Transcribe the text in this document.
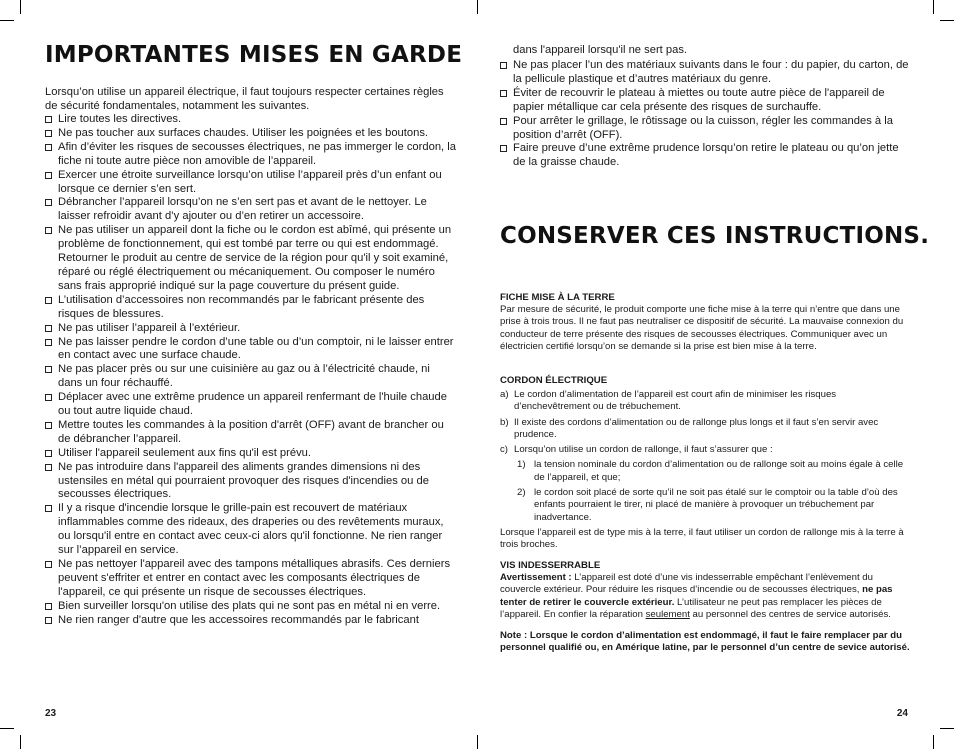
IMPORTANTES MISES EN GARDE

Lorsqu’on utilise un appareil électrique, il faut toujours respecter certaines règles de sécurité fondamentales, notamment les suivantes.

Lire toutes les directives.
Ne pas toucher aux surfaces chaudes. Utiliser les poignées et les boutons.
Afin d’éviter les risques de secousses électriques, ne pas immerger le cordon, la fiche ni toute autre pièce non amovible de l’appareil.
Exercer une étroite surveillance lorsqu’on utilise l’appareil près d’un enfant ou lorsque ce dernier s’en sert.
Débrancher l’appareil lorsqu’on ne s’en sert pas et avant de le nettoyer. Le laisser refroidir avant d’y ajouter ou d’en retirer un accessoire.
Ne pas utiliser un appareil dont la fiche ou le cordon est abîmé, qui présente un problème de fonctionnement, qui est tombé par terre ou qui est endommagé. Retourner le produit au centre de service de la région pour qu'il y soit examiné, réparé ou réglé électriquement ou mécaniquement. Ou composer le numéro sans frais approprié indiqué sur la page couverture du présent guide.
L’utilisation d’accessoires non recommandés par le fabricant présente des risques de blessures.
Ne pas utiliser l’appareil à l’extérieur.
Ne pas laisser pendre le cordon d’une table ou d’un comptoir, ni le laisser entrer en contact avec une surface chaude.
Ne pas placer près ou sur une cuisinière au gaz ou à l’électricité chaude, ni dans un four réchauffé.
Déplacer avec une extrême prudence un appareil renfermant de l'huile chaude ou tout autre liquide chaud.
Mettre toutes les commandes à la position d'arrêt (OFF) avant de brancher ou de débrancher l’appareil.
Utiliser l'appareil seulement aux fins qu'il est prévu.
Ne pas introduire dans l'appareil des aliments grandes dimensions ni des ustensiles en métal qui pourraient provoquer des risques d'incendies ou de secousses électriques.
Il y a risque d'incendie lorsque le grille-pain est recouvert de matériaux inflammables comme des rideaux, des draperies ou des revêtements muraux, ou lorsqu'il entre en contact avec ceux-ci alors qu'il fonctionne. Ne rien ranger sur l’appareil en service.
Ne pas nettoyer l'appareil avec des tampons métalliques abrasifs. Ces derniers peuvent s'effriter et entrer en contact avec les composants électriques de l'appareil, ce qui présente un risque de secousses électriques.
Bien surveiller lorsqu'on utilise des plats qui ne sont pas en métal ni en verre.
Ne rien ranger d'autre que les accessoires recommandés par le fabricant
23

dans l'appareil lorsqu'il ne sert pas.

Ne pas placer l’un des matériaux suivants dans le four : du papier, du carton, de la pellicule plastique et d’autres matériaux du genre.
Éviter de recouvrir le plateau à miettes ou toute autre pièce de l'appareil de papier métallique car cela présente des risques de surchauffe.
Pour arrêter le grillage, le rôtissage ou la cuisson, régler les commandes à la position d’arrêt (OFF).
Faire preuve d’une extrême prudence lorsqu’on retire le plateau ou qu’on jette de la graisse chaude.
CONSERVER CES INSTRUCTIONS.

FICHE MISE À LA TERRE

Par mesure de sécurité, le produit comporte une fiche mise à la terre qui n’entre que dans une prise à trois trous. Il ne faut pas neutraliser ce dispositif de sécurité. La mauvaise connexion du conducteur de terre présente des risques de secousses électriques. Communiquer avec un électricien certifié lorsqu’on se demande si la prise est bien mise à la terre.

CORDON ÉLECTRIQUE

a) Le cordon d’alimentation de l’appareil est court afin de minimiser les risques d’enchevêtrement ou de trébuchement.
b) Il existe des cordons d’alimentation ou de rallonge plus longs et il faut s’en servir avec prudence.
c) Lorsqu’on utilise un cordon de rallonge, il faut s’assurer que :
1) la tension nominale du cordon d’alimentation ou de rallonge soit au moins égale à celle de l’appareil, et que;
2) le cordon soit placé de sorte qu’il ne soit pas étalé sur le comptoir ou la table d’où des enfants pourraient le tirer, ni placé de manière à provoquer un trébuchement par inadvertance.

Lorsque l’appareil est de type mis à la terre, il faut utiliser un cordon de rallonge mis à la terre à trois broches.

VIS INDESSERRABLE

Avertissement : L’appareil est doté d’une vis indesserrable empêchant l’enlèvement du couvercle extérieur. Pour réduire les risques d’incendie ou de secousses électriques, ne pas tenter de retirer le couvercle extérieur. L’utilisateur ne peut pas remplacer les pièces de l’appareil. En confier la réparation seulement au personnel des centres de service autorisés.

Note : Lorsque le cordon d’alimentation est endommagé, il faut le faire remplacer par du personnel qualifié ou, en Amérique latine, par le personnel d’un centre de sevice autorisé.

24
